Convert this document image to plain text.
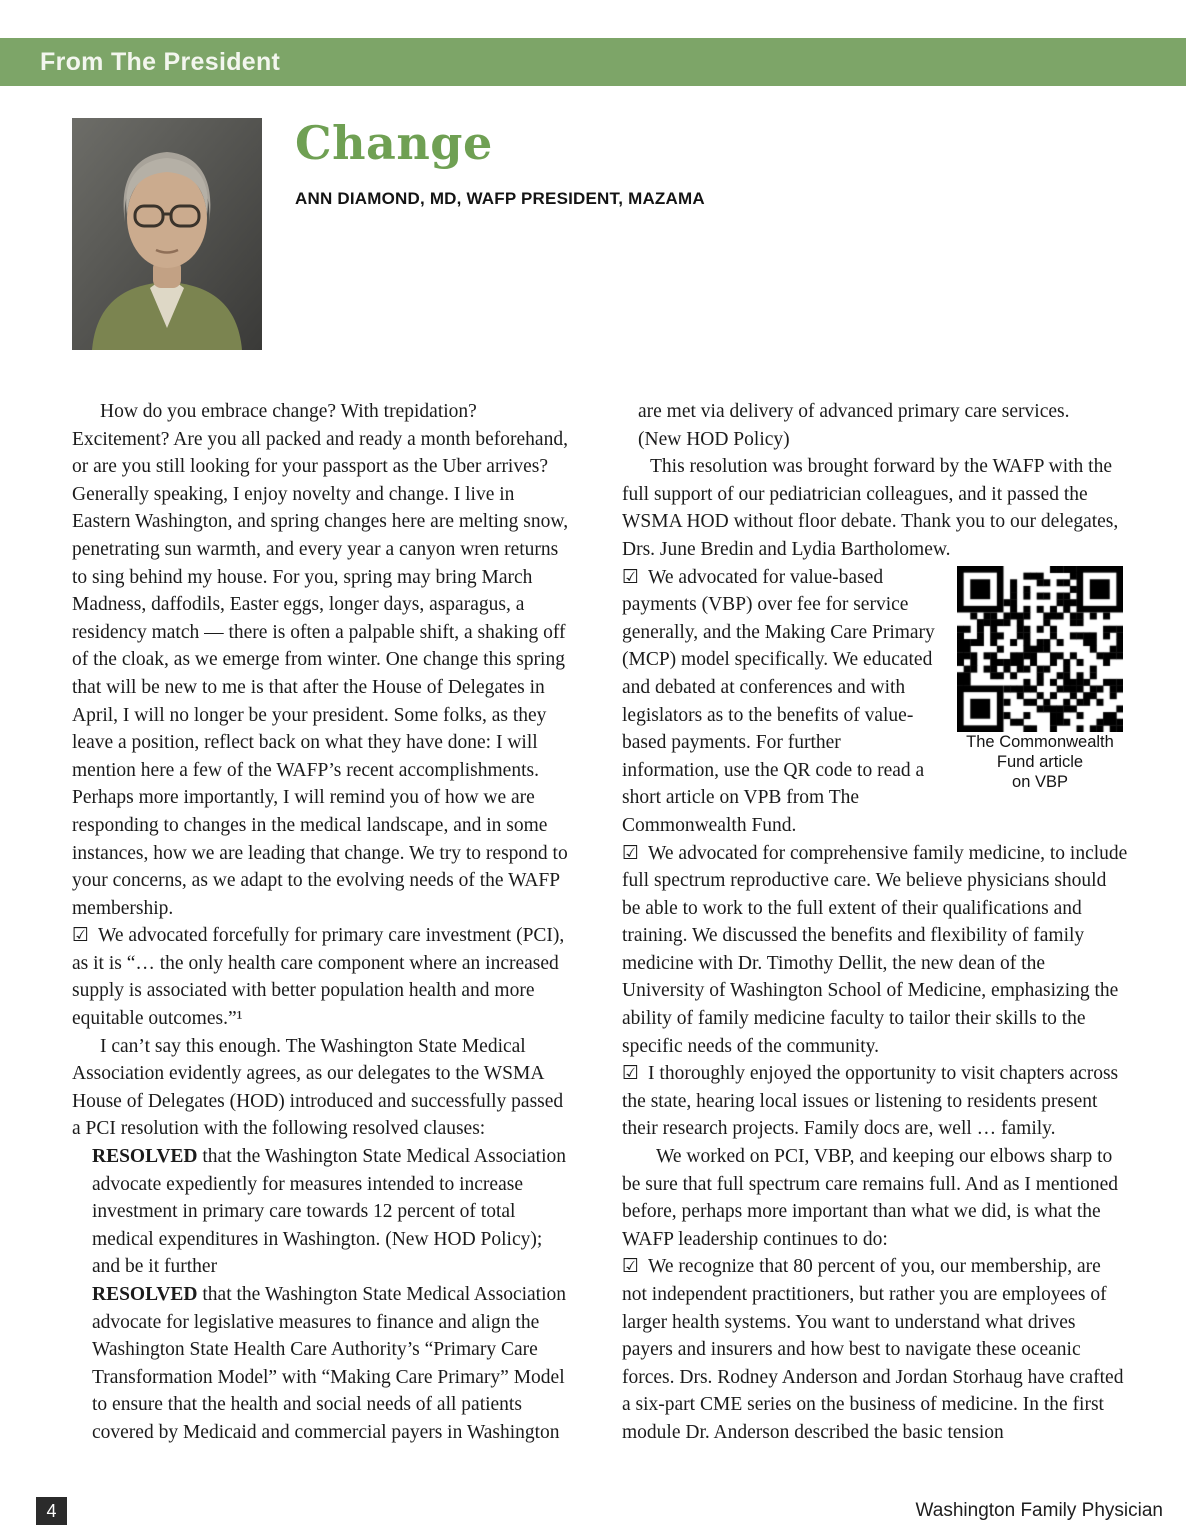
From The President
Change
ANN DIAMOND, MD, WAFP PRESIDENT, MAZAMA

How do you embrace change? With trepidation? Excitement? Are you all packed and ready a month beforehand, or are you still looking for your passport as the Uber arrives? Generally speaking, I enjoy novelty and change. I live in Eastern Washington, and spring changes here are melting snow, penetrating sun warmth, and every year a canyon wren returns to sing behind my house. For you, spring may bring March Madness, daffodils, Easter eggs, longer days, asparagus, a residency match — there is often a palpable shift, a shaking off of the cloak, as we emerge from winter. One change this spring that will be new to me is that after the House of Delegates in April, I will no longer be your president. Some folks, as they leave a position, reflect back on what they have done: I will mention here a few of the WAFP’s recent accomplishments. Perhaps more importantly, I will remind you of how we are responding to changes in the medical landscape, and in some instances, how we are leading that change. We try to respond to your concerns, as we adapt to the evolving needs of the WAFP membership.

☑ We advocated forcefully for primary care investment (PCI), as it is “… the only health care component where an increased supply is associated with better population health and more equitable outcomes.”¹

I can’t say this enough. The Washington State Medical Association evidently agrees, as our delegates to the WSMA House of Delegates (HOD) introduced and successfully passed a PCI resolution with the following resolved clauses:

RESOLVED that the Washington State Medical Association advocate expediently for measures intended to increase investment in primary care towards 12 percent of total medical expenditures in Washington. (New HOD Policy); and be it further

RESOLVED that the Washington State Medical Association advocate for legislative measures to finance and align the Washington State Health Care Authority’s “Primary Care Transformation Model” with “Making Care Primary” Model to ensure that the health and social needs of all patients covered by Medicaid and commercial payers in Washington

are met via delivery of advanced primary care services.
(New HOD Policy)

This resolution was brought forward by the WAFP with the full support of our pediatrician colleagues, and it passed the WSMA HOD without floor debate. Thank you to our delegates, Drs. June Bredin and Lydia Bartholomew.

The Commonwealth
Fund article
on VBP
☑ We advocated for value-based payments (VBP) over fee for service generally, and the Making Care Primary (MCP) model specifically. We educated and debated at conferences and with legislators as to the benefits of value-based payments. For further information, use the QR code to read a short article on VPB from The Commonwealth Fund.

☑ We advocated for comprehensive family medicine, to include full spectrum reproductive care. We believe physicians should be able to work to the full extent of their qualifications and training. We discussed the benefits and flexibility of family medicine with Dr. Timothy Dellit, the new dean of the University of Washington School of Medicine, emphasizing the ability of family medicine faculty to tailor their skills to the specific needs of the community.

☑ I thoroughly enjoyed the opportunity to visit chapters across the state, hearing local issues or listening to residents present their research projects. Family docs are, well … family.

We worked on PCI, VBP, and keeping our elbows sharp to be sure that full spectrum care remains full. And as I mentioned before, perhaps more important than what we did, is what the WAFP leadership continues to do:

☑ We recognize that 80 percent of you, our membership, are not independent practitioners, but rather you are employees of larger health systems. You want to understand what drives payers and insurers and how best to navigate these oceanic forces. Drs. Rodney Anderson and Jordan Storhaug have crafted a six-part CME series on the business of medicine. In the first module Dr. Anderson described the basic tension

4	Washington Family Physician
